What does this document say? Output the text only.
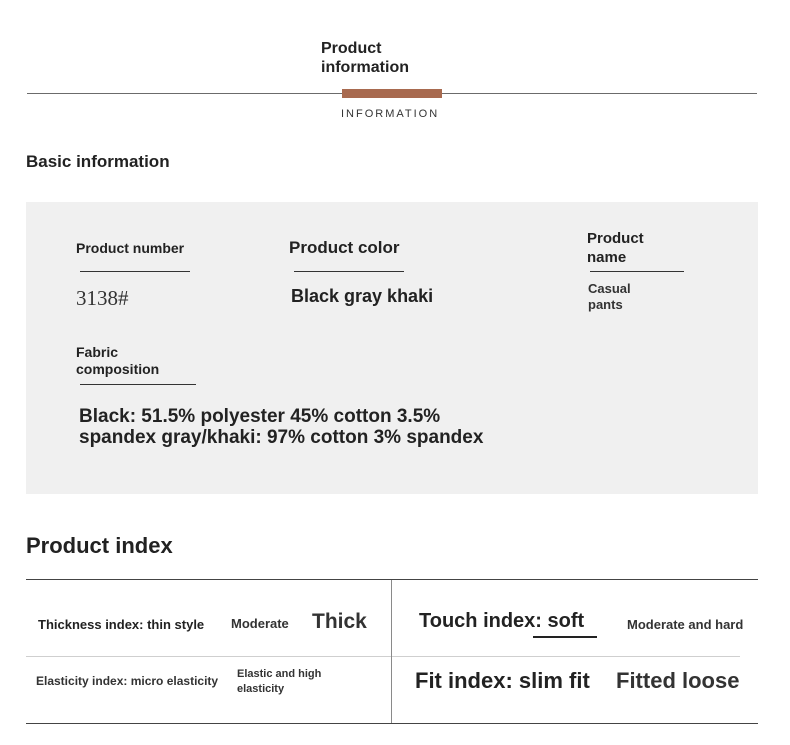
Product information
INFORMATION
Basic information
Product number
3138#
Product color
Black gray khaki
Product name
Casual pants
Fabric composition
Black: 51.5% polyester 45% cotton 3.5% spandex gray/khaki: 97% cotton 3% spandex
Product index
Thickness index: thin style Moderate Thick
Elasticity index: micro elasticity Elastic and high elasticity
Touch index: soft	Moderate and hard
Fit index: slim fit Fitted loose
